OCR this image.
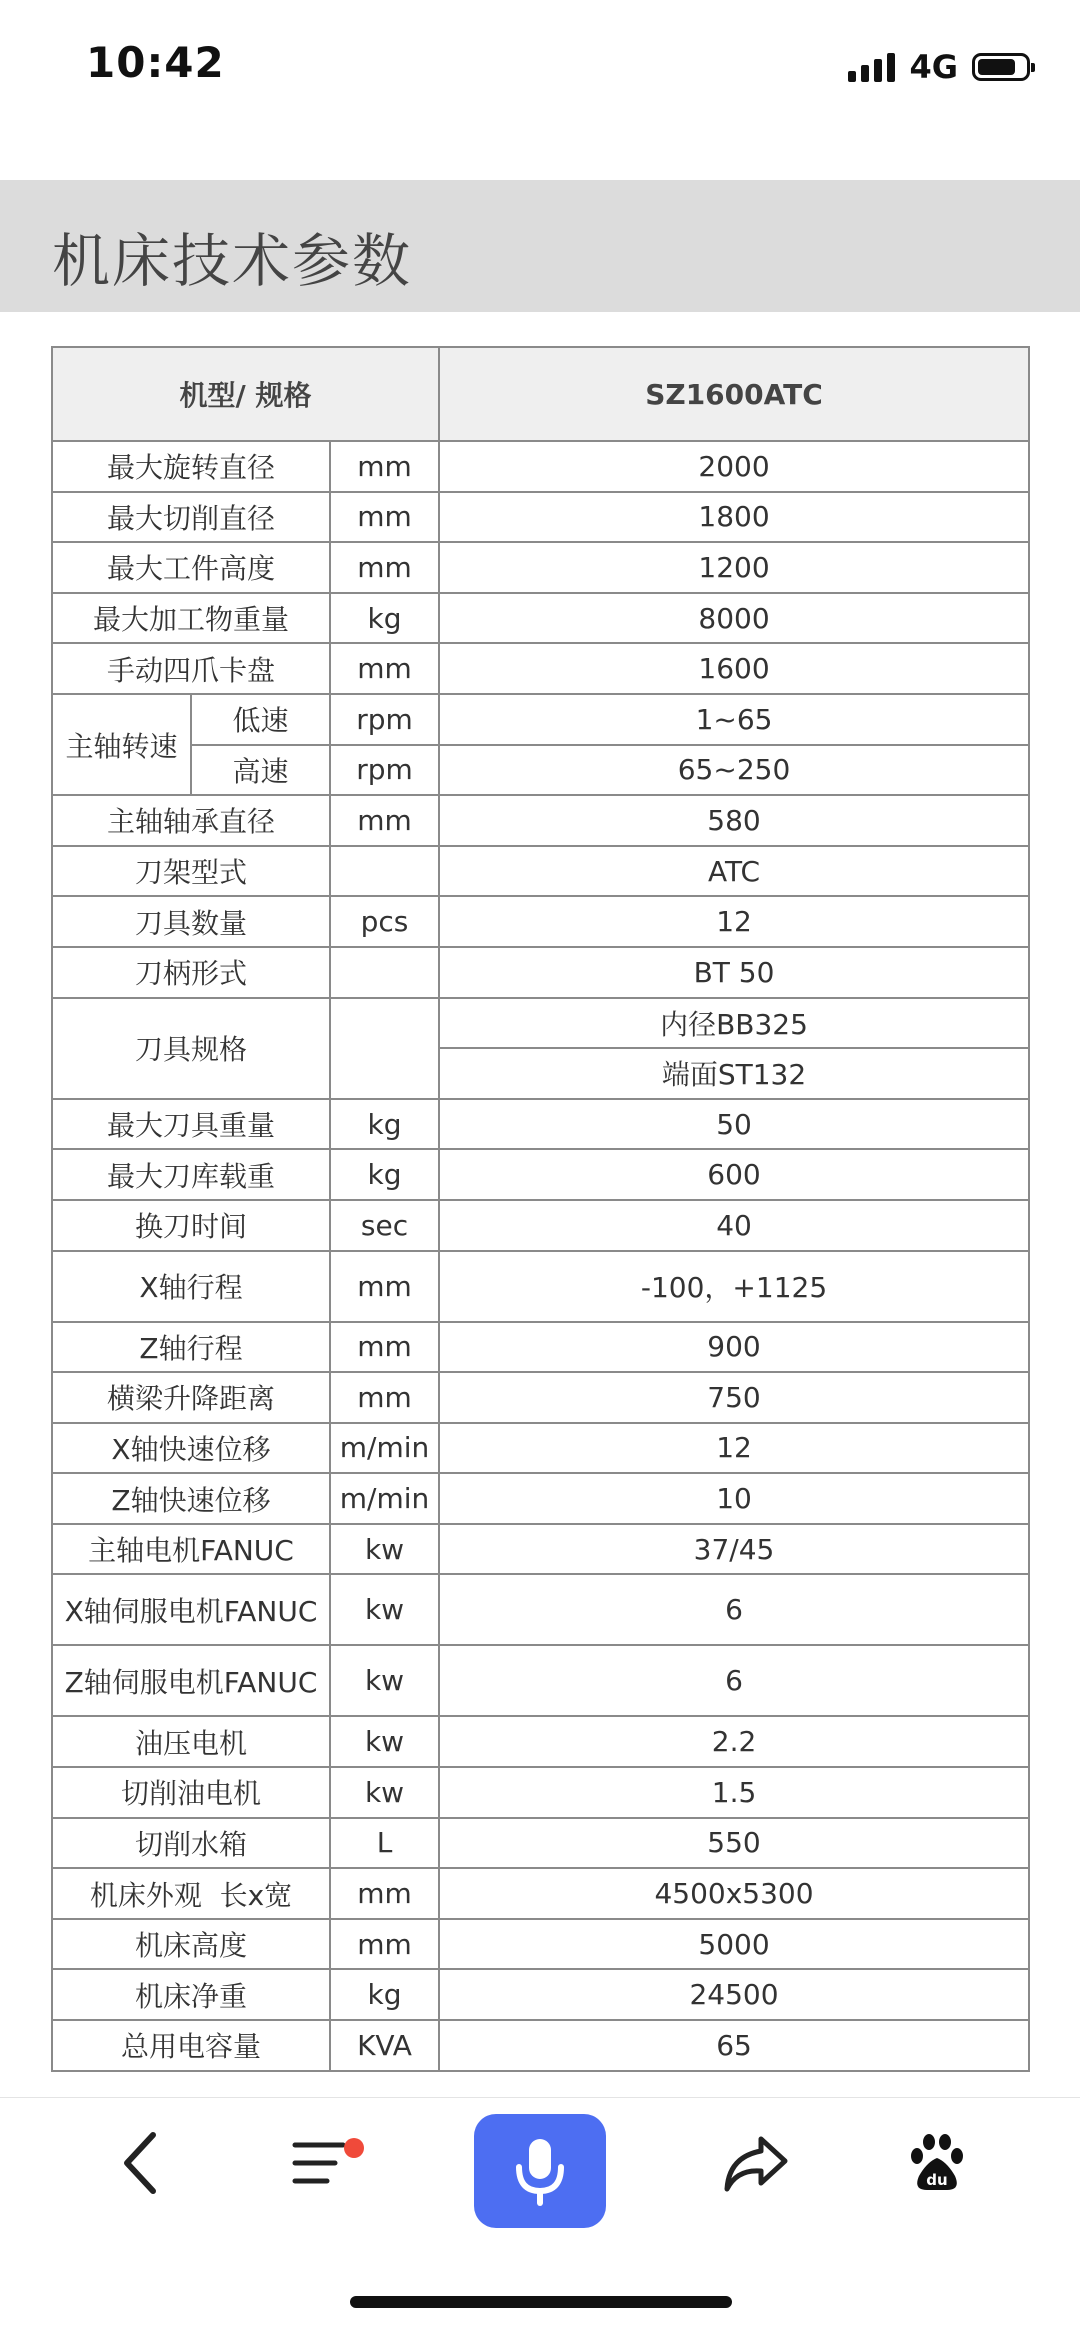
10:42	4G
机床技术参数
机型/ 规格			SZ1600ATC
最大旋转直径		mm	2000
最大切削直径		mm	1800
最大工件高度		mm	1200
最大加工物重量		kg	8000
手动四爪卡盘		mm	1600
主轴转速	低速	rpm	1~65
	高速	rpm	65~250
主轴轴承直径		mm	580
刀架型式			ATC
刀具数量		pcs	12
刀柄形式			BT 50
刀具规格			内径BB325
			端面ST132
最大刀具重量		kg	50
最大刀库载重		kg	600
换刀时间		sec	40
X轴行程		mm	-100，+1125
Z轴行程		mm	900
横梁升降距离		mm	750
X轴快速位移		m/min	12
Z轴快速位移		m/min	10
主轴电机FANUC		kw	37/45
X轴伺服电机FANUC		kw	6
Z轴伺服电机FANUC		kw	6
油压电机		kw	2.2
切削油电机		kw	1.5
切削水箱		L	550
机床外观  长x宽		mm	4500x5300
机床高度		mm	5000
机床净重		kg	24500
总用电容量		KVA	65
du
